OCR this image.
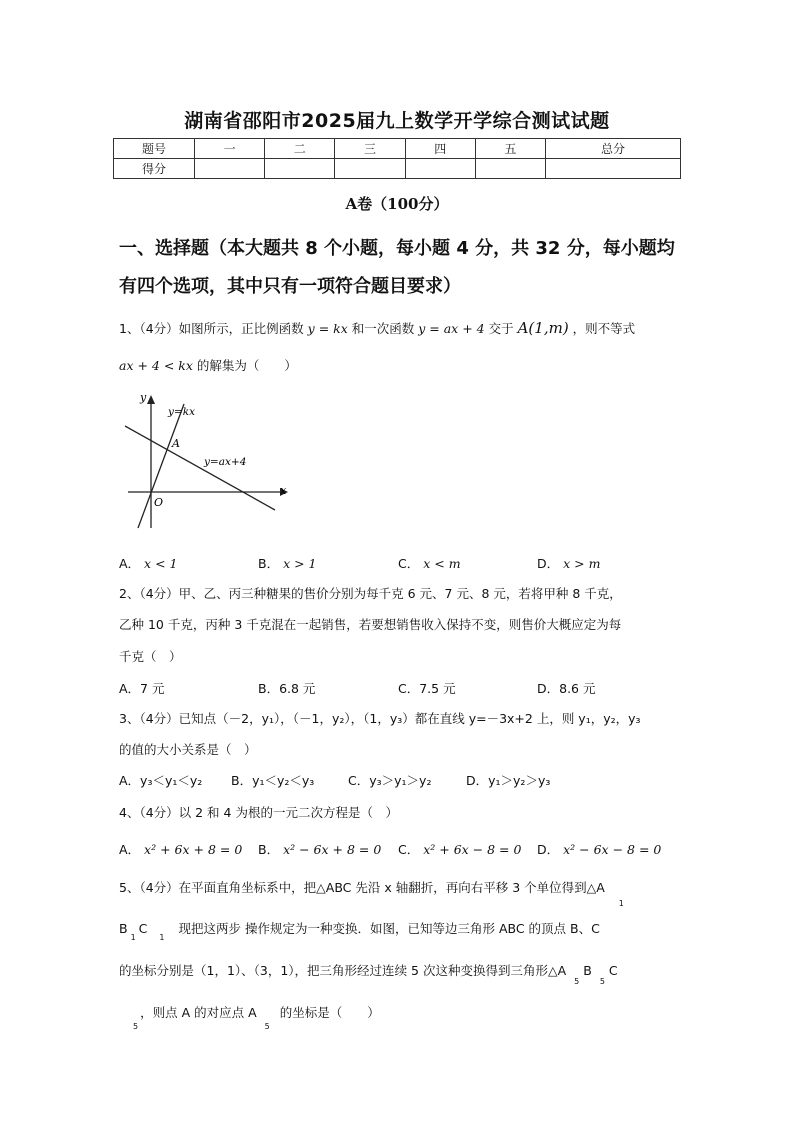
湖南省邵阳市2025届九上数学开学综合测试试题
题号	一	二	三	四	五	总分
得分						
A卷（100分）
一、选择题（本大题共 8 个小题，每小题 4 分，共 32 分，每小题均
有四个选项，其中只有一项符合题目要求）
1、（4分）如图所示，正比例函数 y = kx 和一次函数 y = ax + 4 交于 A(1,m) ，则不等式
ax + 4 < kx 的解集为（　　）
y
x
O
A
y=kx
y=ax+4
A． x < 1	B． x > 1	C． x < m	D． x > m
2、（4分）甲、乙、丙三种糖果的售价分别为每千克 6 元、7 元、8 元，若将甲种 8 千克，
乙种 10 千克，丙种 3 千克混在一起销售，若要想销售收入保持不变，则售价大概应定为每
千克（　）
A．7 元	B．6.8 元	C．7.5 元	D．8.6 元
3、（4分）已知点（－2，y₁），（－1，y₂），（1，y₃）都在直线 y=－3x+2 上，则 y₁，y₂，y₃
的值的大小关系是（　）
A．y₃＜y₁＜y₂ B．y₁＜y₂＜y₃	C．y₃＞y₁＞y₂	D．y₁＞y₂＞y₃
4、（4分）以 2 和 4 为根的一元二次方程是（　）
A． x² + 6x + 8 = 0 B． x² − 6x + 8 = 0 C． x² + 6x − 8 = 0 D． x² − 6x − 8 = 0
5、（4分）在平面直角坐标系中，把△ABC 先沿 x 轴翻折，再向右平移 3 个单位得到$\triangle A_1$
$B_1C_1$现把这两步 操作规定为一种变换．如图，已知等边三角形 ABC 的顶点 B、C
的坐标分别是（1，1）、（3，1），把三角形经过连续 5 次这种变换得到三角形$\triangle A_5B_5C$
$_5$，则点 A 的对应点 $A_5$的坐标是（　　）
